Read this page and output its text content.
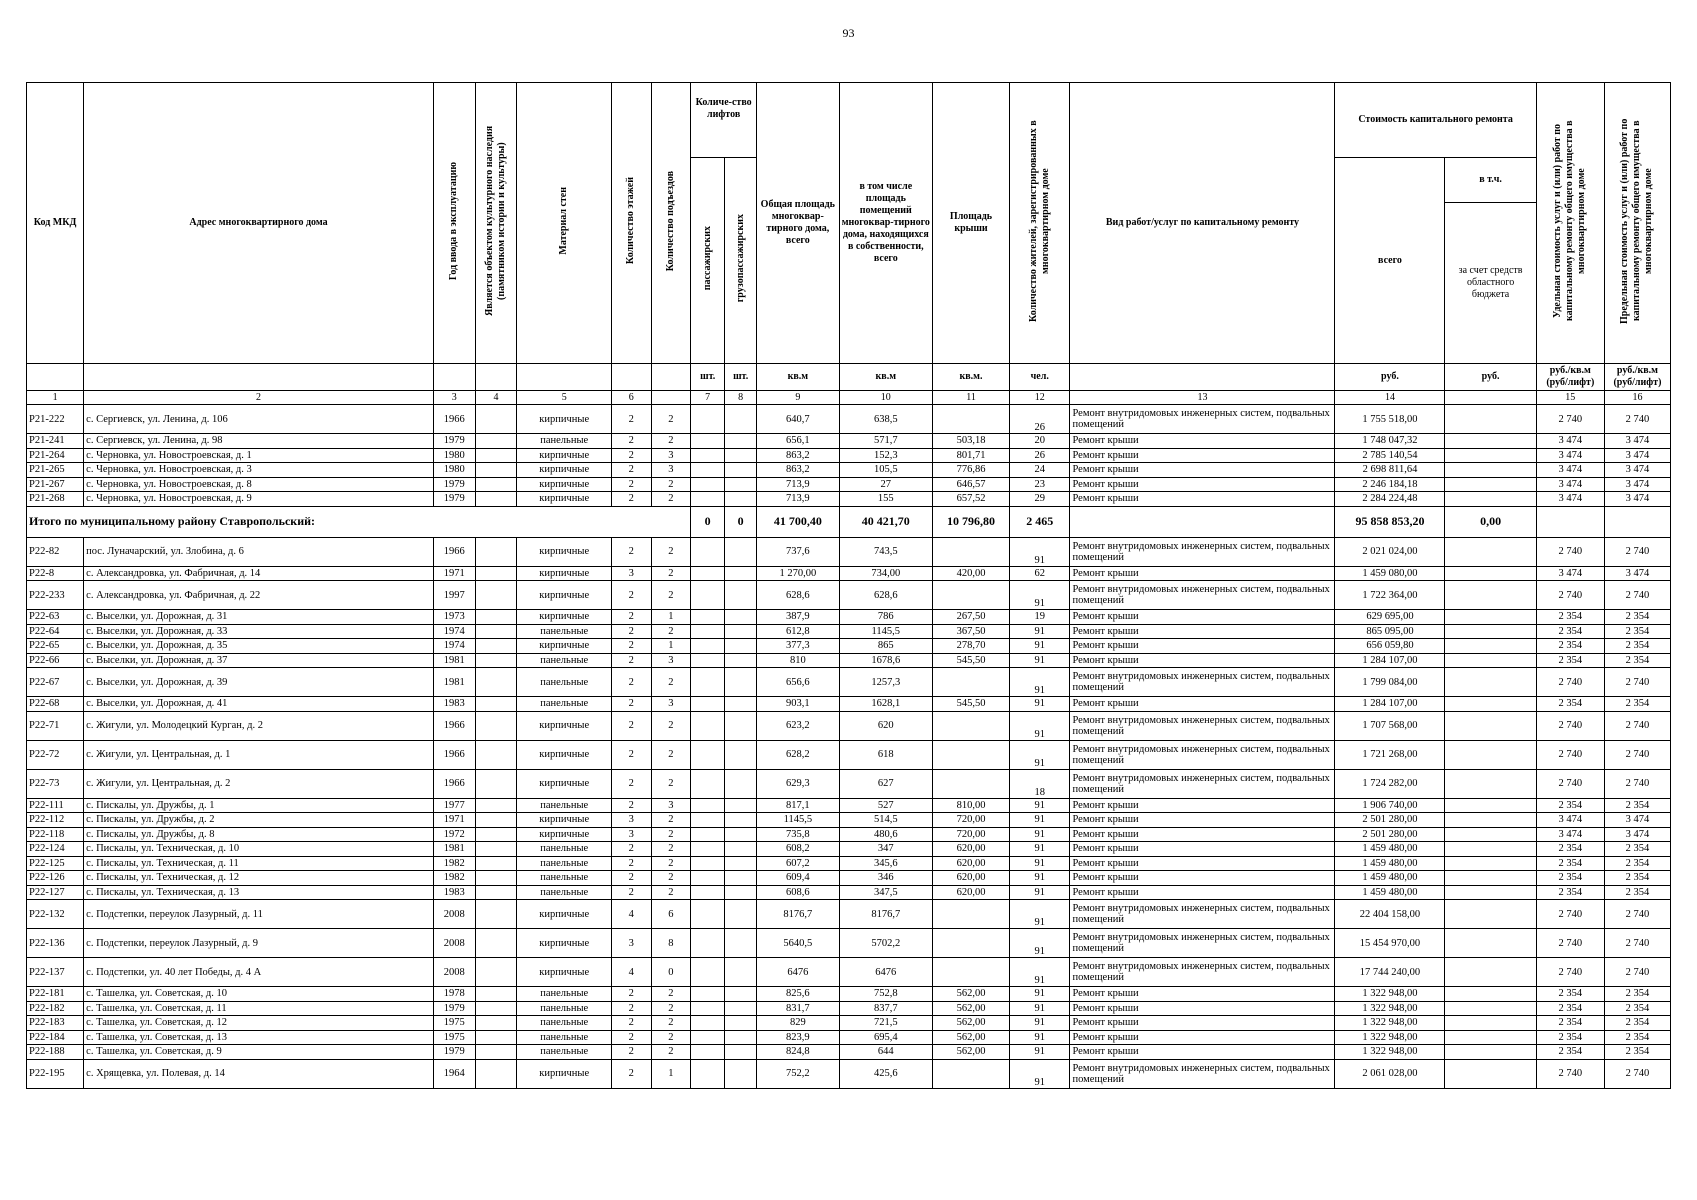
93
Код МКД	Адрес многоквартирного дома	Год ввода в эксплуатацию	Является объектом культурного наследия (памятником истории и культуры)	Материал стен	Количество этажей	Количество подъездов	Количе-ство лифтов		Общая площадь многоквар-тирного дома, всего	в том числе площадь помещений многоквар-тирного дома, находящихся в собственности, всего	Площадь крыши	Количество жителей, зарегистрированных в многоквартирном доме	Вид работ/услуг по капитальному ремонту	Стоимость капитального ремонта		Удельная стоимость услуг и (или) работ по капитальному ремонту общего имущества в многоквартирном доме	Предельная стоимость услуг и (или) работ по капитальному ремонту общего имущества в многоквартирном доме
							пассажирских	грузопассажирских						всего	в т.ч.		
															за счет средств областного бюджета		
							шт.	шт.	кв.м	кв.м	кв.м.	чел.		руб.	руб.	руб./кв.м (руб/лифт)	руб./кв.м (руб/лифт)
1	2	3	4	5	6		7	8	9	10	11	12	13	14		15	16
Р21-222	с. Сергиевск, ул. Ленина, д. 106	1966		кирпичные	2	2			640,7	638,5		26	Ремонт внутридомовых инженерных систем, подвальных помещений	1 755 518,00		2 740	2 740
Р21-241	с. Сергиевск, ул. Ленина, д. 98	1979		панельные	2	2			656,1	571,7	503,18	20	Ремонт крыши	1 748 047,32		3 474	3 474
Р21-264	с. Черновка, ул. Новостроевская, д. 1	1980		кирпичные	2	3			863,2	152,3	801,71	26	Ремонт крыши	2 785 140,54		3 474	3 474
Р21-265	с. Черновка, ул. Новостроевская, д. 3	1980		кирпичные	2	3			863,2	105,5	776,86	24	Ремонт крыши	2 698 811,64		3 474	3 474
Р21-267	с. Черновка, ул. Новостроевская, д. 8	1979		кирпичные	2	2			713,9	27	646,57	23	Ремонт крыши	2 246 184,18		3 474	3 474
Р21-268	с. Черновка, ул. Новостроевская, д. 9	1979		кирпичные	2	2			713,9	155	657,52	29	Ремонт крыши	2 284 224,48		3 474	3 474
Итого по муниципальному району Ставропольский:							0	0	41 700,40	40 421,70	10 796,80	2 465		95 858 853,20	0,00		
Р22-82	пос. Луначарский, ул. Злобина, д. 6	1966		кирпичные	2	2			737,6	743,5		91	Ремонт внутридомовых инженерных систем, подвальных помещений	2 021 024,00		2 740	2 740
Р22-8	с. Александровка, ул. Фабричная, д. 14	1971		кирпичные	3	2			1 270,00	734,00	420,00	62	Ремонт крыши	1 459 080,00		3 474	3 474
Р22-233	с. Александровка, ул. Фабричная, д. 22	1997		кирпичные	2	2			628,6	628,6		91	Ремонт внутридомовых инженерных систем, подвальных помещений	1 722 364,00		2 740	2 740
Р22-63	с. Выселки, ул. Дорожная, д. 31	1973		кирпичные	2	1			387,9	786	267,50	19	Ремонт крыши	629 695,00		2 354	2 354
Р22-64	с. Выселки, ул. Дорожная, д. 33	1974		панельные	2	2			612,8	1145,5	367,50	91	Ремонт крыши	865 095,00		2 354	2 354
Р22-65	с. Выселки, ул. Дорожная, д. 35	1974		кирпичные	2	1			377,3	865	278,70	91	Ремонт крыши	656 059,80		2 354	2 354
Р22-66	с. Выселки, ул. Дорожная, д. 37	1981		панельные	2	3			810	1678,6	545,50	91	Ремонт крыши	1 284 107,00		2 354	2 354
Р22-67	с. Выселки, ул. Дорожная, д. 39	1981		панельные	2	2			656,6	1257,3		91	Ремонт внутридомовых инженерных систем, подвальных помещений	1 799 084,00		2 740	2 740
Р22-68	с. Выселки, ул. Дорожная, д. 41	1983		панельные	2	3			903,1	1628,1	545,50	91	Ремонт крыши	1 284 107,00		2 354	2 354
Р22-71	с. Жигули, ул. Молодецкий Курган, д. 2	1966		кирпичные	2	2			623,2	620		91	Ремонт внутридомовых инженерных систем, подвальных помещений	1 707 568,00		2 740	2 740
Р22-72	с. Жигули, ул. Центральная, д. 1	1966		кирпичные	2	2			628,2	618		91	Ремонт внутридомовых инженерных систем, подвальных помещений	1 721 268,00		2 740	2 740
Р22-73	с. Жигули, ул. Центральная, д. 2	1966		кирпичные	2	2			629,3	627		18	Ремонт внутридомовых инженерных систем, подвальных помещений	1 724 282,00		2 740	2 740
Р22-111	с. Пискалы, ул. Дружбы, д. 1	1977		панельные	2	3			817,1	527	810,00	91	Ремонт крыши	1 906 740,00		2 354	2 354
Р22-112	с. Пискалы, ул. Дружбы, д. 2	1971		кирпичные	3	2			1145,5	514,5	720,00	91	Ремонт крыши	2 501 280,00		3 474	3 474
Р22-118	с. Пискалы, ул. Дружбы, д. 8	1972		кирпичные	3	2			735,8	480,6	720,00	91	Ремонт крыши	2 501 280,00		3 474	3 474
Р22-124	с. Пискалы, ул. Техническая, д. 10	1981		панельные	2	2			608,2	347	620,00	91	Ремонт крыши	1 459 480,00		2 354	2 354
Р22-125	с. Пискалы, ул. Техническая, д. 11	1982		панельные	2	2			607,2	345,6	620,00	91	Ремонт крыши	1 459 480,00		2 354	2 354
Р22-126	с. Пискалы, ул. Техническая, д. 12	1982		панельные	2	2			609,4	346	620,00	91	Ремонт крыши	1 459 480,00		2 354	2 354
Р22-127	с. Пискалы, ул. Техническая, д. 13	1983		панельные	2	2			608,6	347,5	620,00	91	Ремонт крыши	1 459 480,00		2 354	2 354
Р22-132	с. Подстепки, переулок Лазурный, д. 11	2008		кирпичные	4	6			8176,7	8176,7		91	Ремонт внутридомовых инженерных систем, подвальных помещений	22 404 158,00		2 740	2 740
Р22-136	с. Подстепки, переулок Лазурный, д. 9	2008		кирпичные	3	8			5640,5	5702,2		91	Ремонт внутридомовых инженерных систем, подвальных помещений	15 454 970,00		2 740	2 740
Р22-137	с. Подстепки, ул. 40 лет Победы, д. 4 А	2008		кирпичные	4	0			6476	6476		91	Ремонт внутридомовых инженерных систем, подвальных помещений	17 744 240,00		2 740	2 740
Р22-181	с. Ташелка, ул. Советская, д. 10	1978		панельные	2	2			825,6	752,8	562,00	91	Ремонт крыши	1 322 948,00		2 354	2 354
Р22-182	с. Ташелка, ул. Советская, д. 11	1979		панельные	2	2			831,7	837,7	562,00	91	Ремонт крыши	1 322 948,00		2 354	2 354
Р22-183	с. Ташелка, ул. Советская, д. 12	1975		панельные	2	2			829	721,5	562,00	91	Ремонт крыши	1 322 948,00		2 354	2 354
Р22-184	с. Ташелка, ул. Советская, д. 13	1975		панельные	2	2			823,9	695,4	562,00	91	Ремонт крыши	1 322 948,00		2 354	2 354
Р22-188	с. Ташелка, ул. Советская, д. 9	1979		панельные	2	2			824,8	644	562,00	91	Ремонт крыши	1 322 948,00		2 354	2 354
Р22-195	с. Хрящевка, ул. Полевая, д. 14	1964		кирпичные	2	1			752,2	425,6		91	Ремонт внутридомовых инженерных систем, подвальных помещений	2 061 028,00		2 740	2 740
